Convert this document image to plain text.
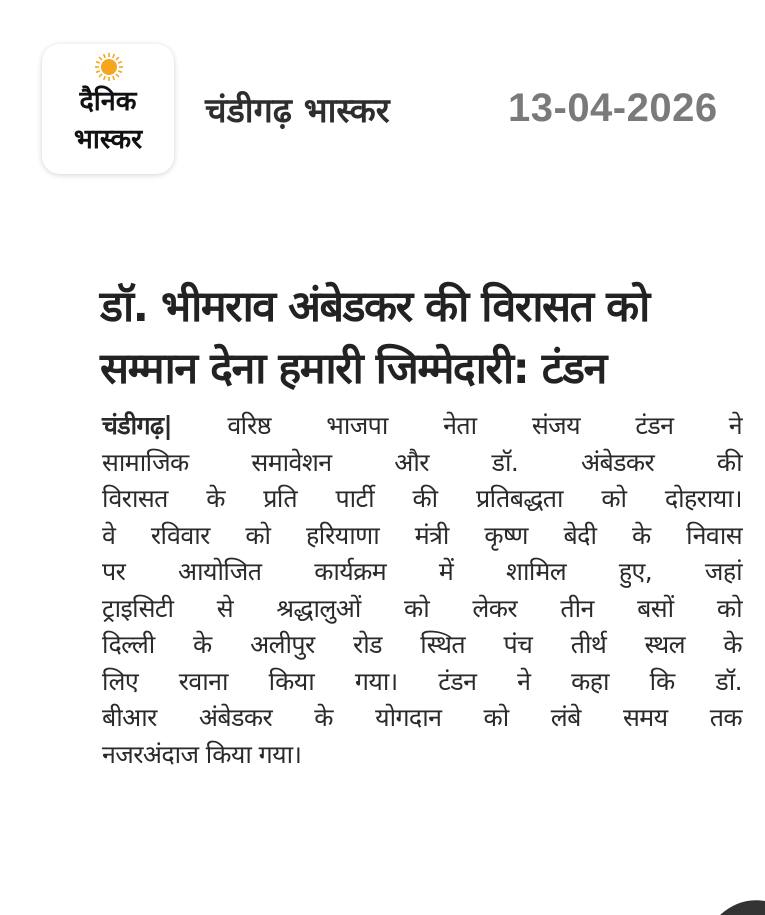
दैनिक
भास्कर
चंडीगढ़ भास्कर	13-04-2026
डॉ. भीमराव अंबेडकर की विरासत को
सम्मान देना हमारी जिम्मेदारी: टंडन
चंडीगढ़| वरिष्ठ भाजपा नेता संजय टंडन ने
सामाजिक समावेशन और डॉ. अंबेडकर की
विरासत के प्रति पार्टी की प्रतिबद्धता को दोहराया।
वे रविवार को हरियाणा मंत्री कृष्ण बेदी के निवास
पर आयोजित कार्यक्रम में शामिल हुए, जहां
ट्राइसिटी से श्रद्धालुओं को लेकर तीन बसों को
दिल्ली के अलीपुर रोड स्थित पंच तीर्थ स्थल के
लिए रवाना किया गया। टंडन ने कहा कि डॉ.
बीआर अंबेडकर के योगदान को लंबे समय तक
नजरअंदाज किया गया।
